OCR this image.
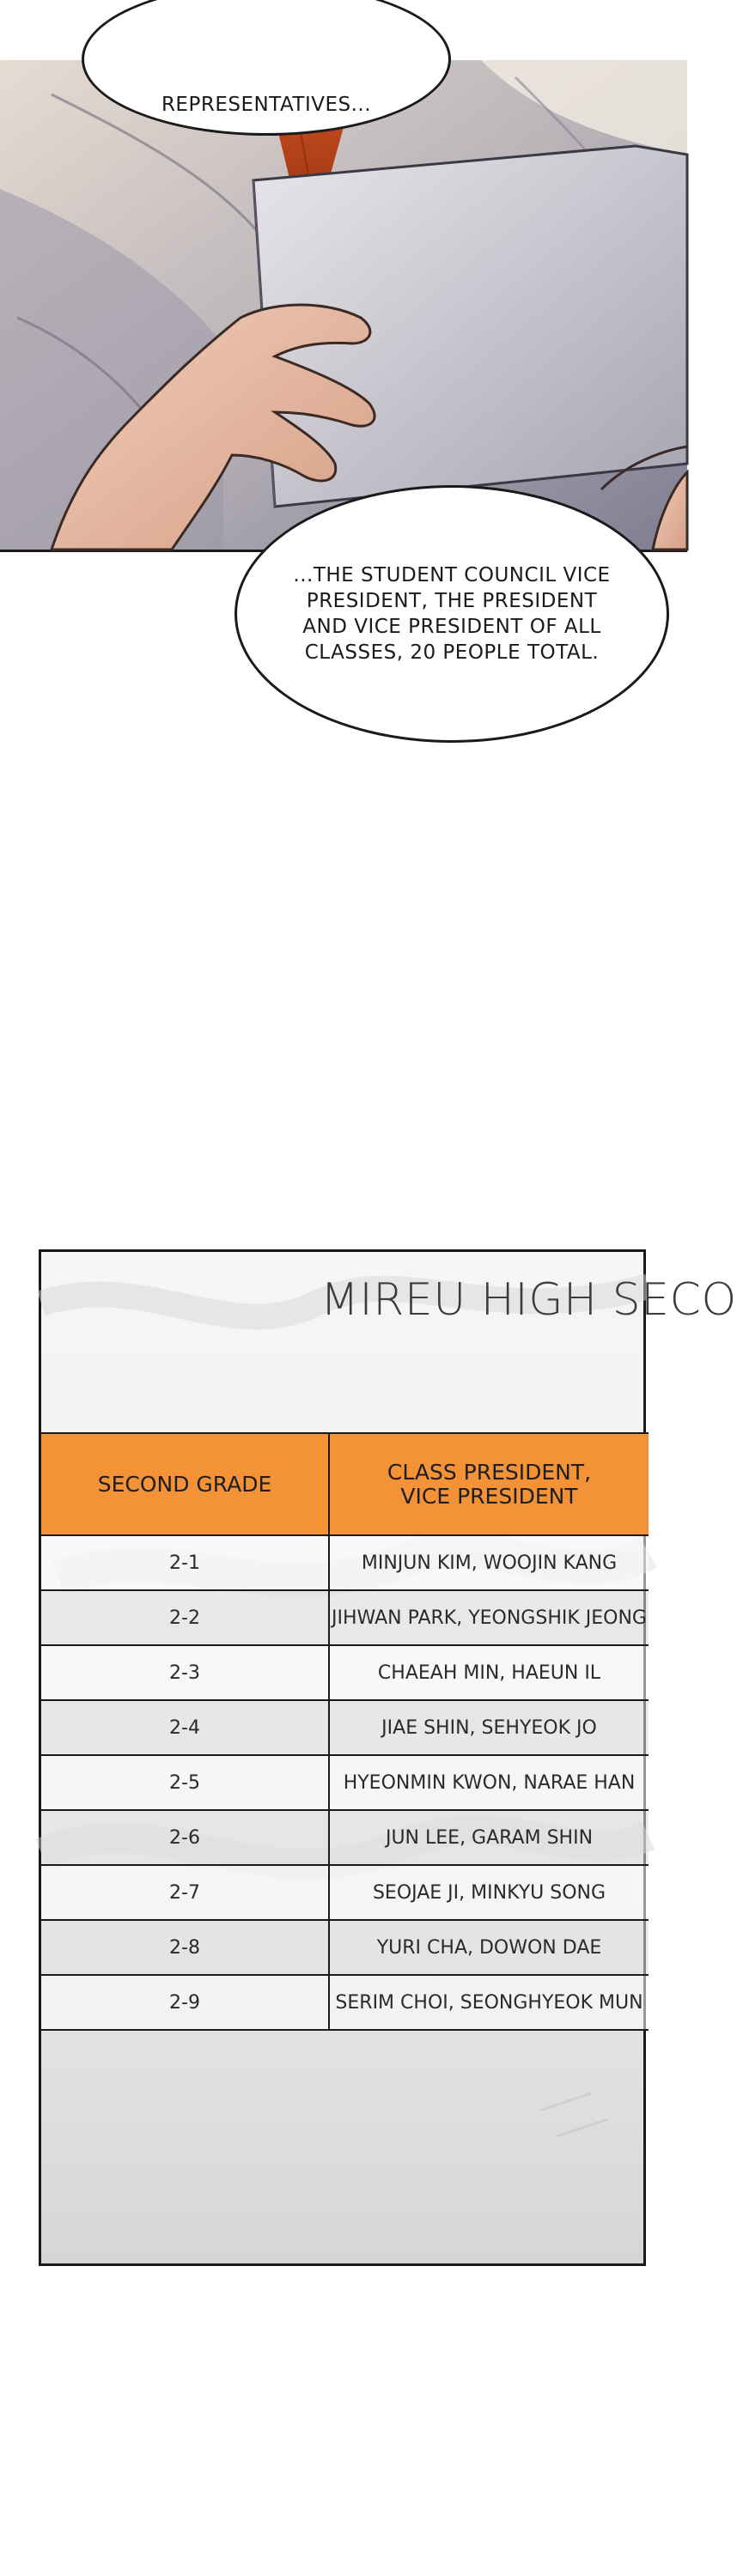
REPRESENTATIVES...
...THE STUDENT COUNCIL VICE PRESIDENT, THE PRESIDENT AND VICE PRESIDENT OF ALL CLASSES, 20 PEOPLE TOTAL.
MIREU HIGH SECO
SECOND GRADE	CLASS PRESIDENT,
VICE PRESIDENT

2-1	MINJUN KIM, WOOJIN KANG
2-2	JIHWAN PARK, YEONGSHIK JEONG
2-3	CHAEAH MIN, HAEUN IL
2-4	JIAE SHIN, SEHYEOK JO
2-5	HYEONMIN KWON, NARAE HAN
2-6	JUN LEE, GARAM SHIN
2-7	SEOJAE JI, MINKYU SONG
2-8	YURI CHA, DOWON DAE
2-9	SERIM CHOI, SEONGHYEOK MUN
